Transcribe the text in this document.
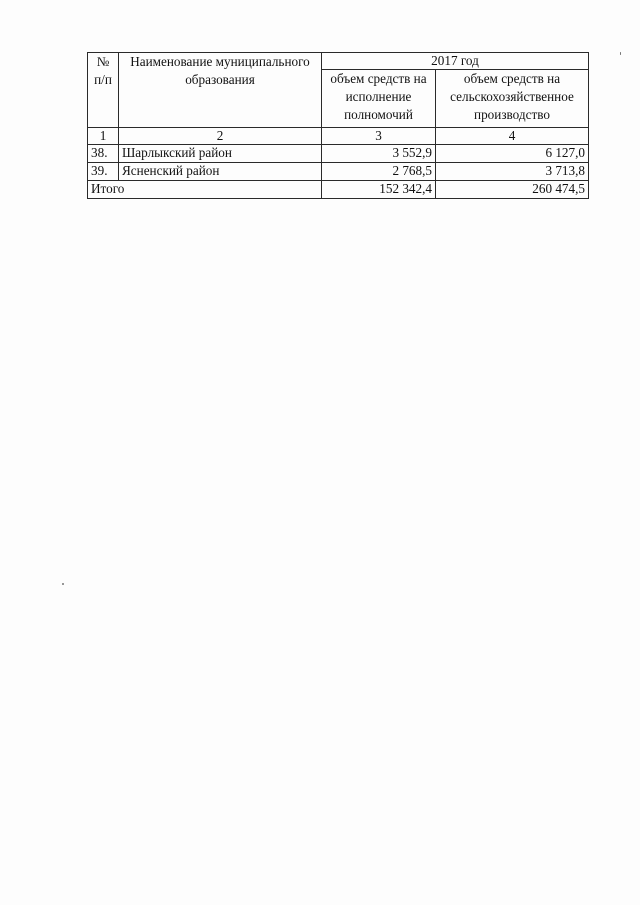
№ п/п	Наименование муниципального образования	2017 год	
		объем средств на исполнение полномочий	объем средств на сельскохозяйственное производство
1	2	3	4
38.	Шарлыкский район	3 552,9	6 127,0
39.	Ясненский район	2 768,5	3 713,8
Итого		152 342,4	260 474,5
